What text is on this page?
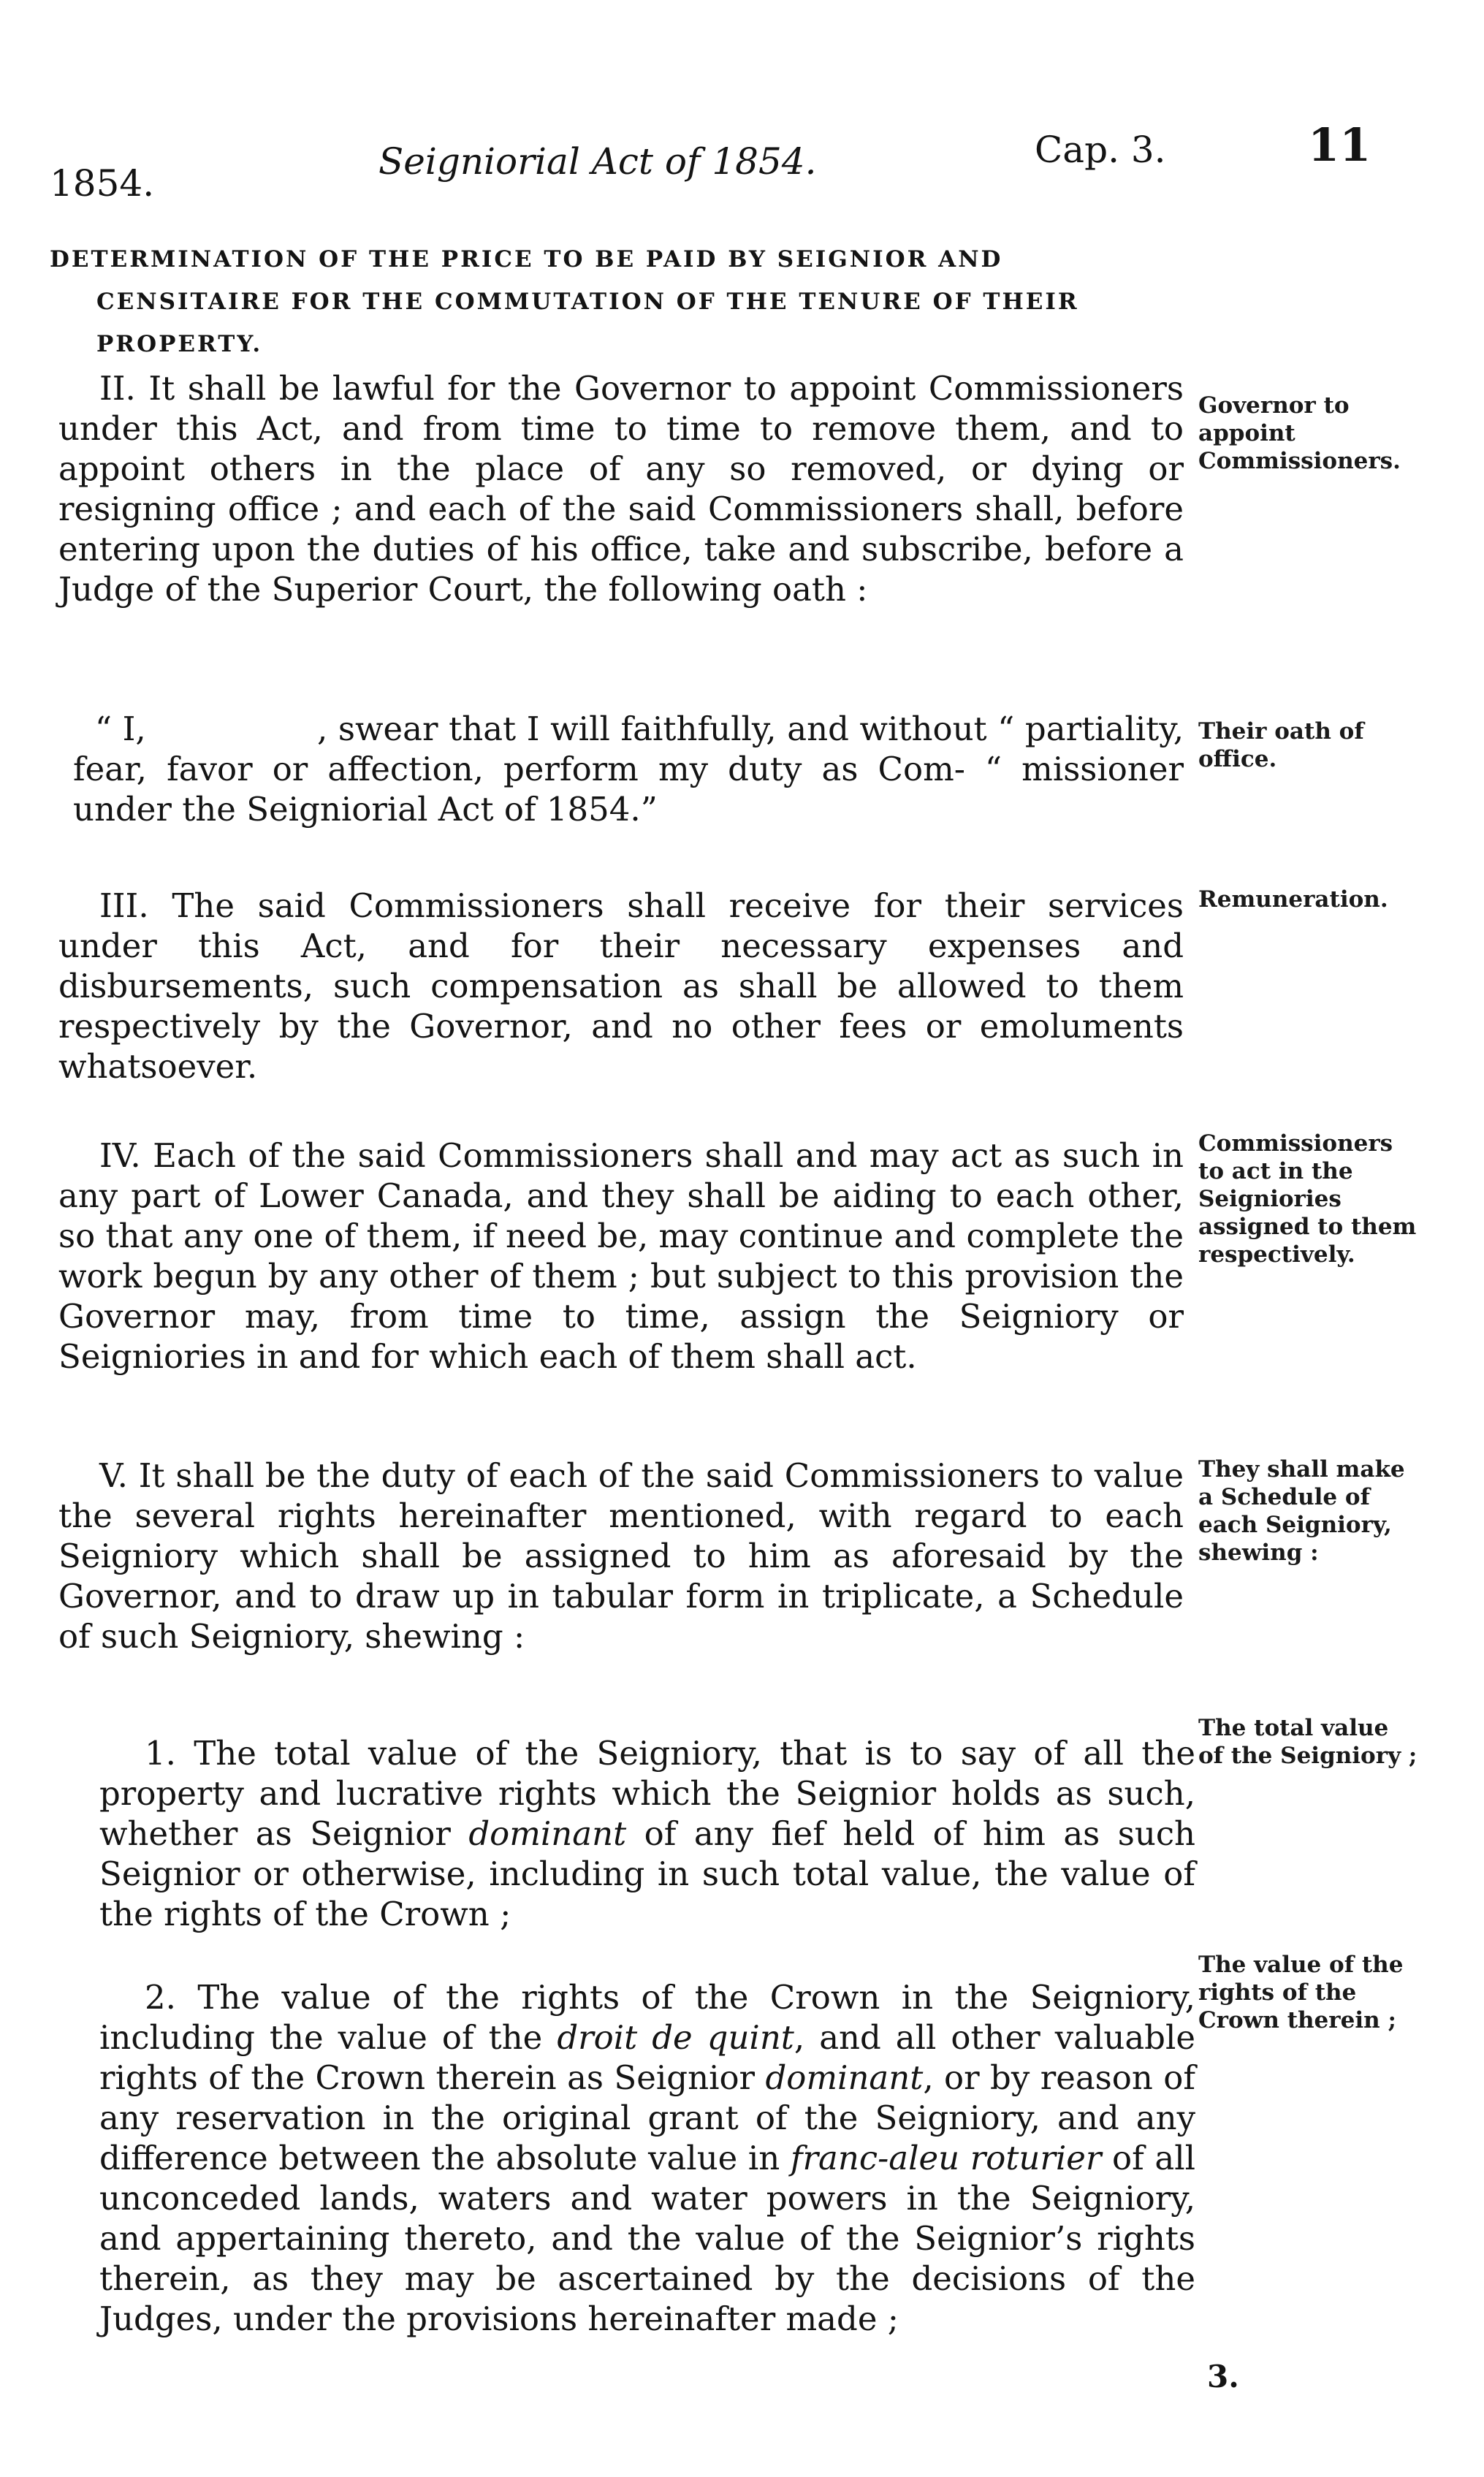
1854.
Seigniorial Act of 1854.	Cap. 3.	11
DETERMINATION OF THE PRICE TO BE PAID BY SEIGNIOR AND
CENSITAIRE FOR THE COMMUTATION OF THE TENURE OF THEIR
PROPERTY.

II. It shall be lawful for the Governor to appoint Commissioners under this Act, and from time to time to remove them, and to appoint others in the place of any so removed, or dying or resigning office ; and each of the said Commissioners shall, before entering upon the duties of his office, take and subscribe, before a Judge of the Superior Court, the following oath :

Governor to appoint Commissioners.

“ I,                , swear that I will faithfully, and without “ partiality, fear, favor or affection, perform my duty as Com- “ missioner under the Seigniorial Act of 1854.”

Their oath of office.

III. The said Commissioners shall receive for their services under this Act, and for their necessary expenses and disbursements, such compensation as shall be allowed to them respectively by the Governor, and no other fees or emoluments whatsoever.

Remuneration.

IV. Each of the said Commissioners shall and may act as such in any part of Lower Canada, and they shall be aiding to each other, so that any one of them, if need be, may continue and complete the work begun by any other of them ; but subject to this provision the Governor may, from time to time, assign the Seigniory or Seigniories in and for which each of them shall act.

Commissioners to act in the Seigniories assigned to them respectively.

V. It shall be the duty of each of the said Commissioners to value the several rights hereinafter mentioned, with regard to each Seigniory which shall be assigned to him as aforesaid by the Governor, and to draw up in tabular form in triplicate, a Schedule of such Seigniory, shewing :

They shall make a Schedule of each Seigniory, shewing :

1. The total value of the Seigniory, that is to say of all the property and lucrative rights which the Seignior holds as such, whether as Seignior dominant of any fief held of him as such Seignior or otherwise, including in such total value, the value of the rights of the Crown ;

The total value of the Seigniory ;

2. The value of the rights of the Crown in the Seigniory, including the value of the droit de quint, and all other valuable rights of the Crown therein as Seignior dominant, or by reason of any reservation in the original grant of the Seigniory, and any difference between the absolute value in franc-aleu roturier of all unconceded lands, waters and water powers in the Seigniory, and appertaining thereto, and the value of the Seignior’s rights therein, as they may be ascertained by the decisions of the Judges, under the provisions hereinafter made ;

The value of the rights of the Crown therein ;
3.
